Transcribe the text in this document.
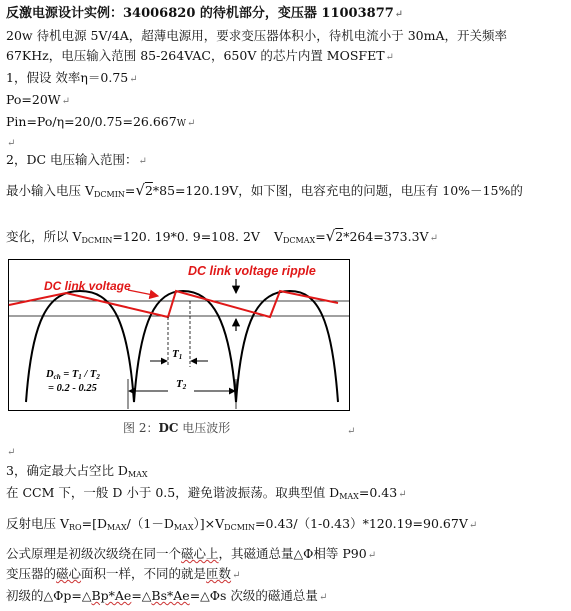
反激电源设计实例：34006820 的待机部分，变压器 11003877↵
20w 待机电源 5V/4A，超薄电源用，要求变压器体积小，待机电流小于 30mA，开关频率
67KHz，电压输入范围 85-264VAC，650V 的芯片内置 MOSFET↵
1，假设 效率η＝0.75↵
Po=20W↵
Pin=Po/η=20/0.75=26.667W↵
↵
2，DC 电压输入范围：↵
最小输入电压 $V_{DCMIN}=√2*85=120.19V$，如下图，电容充电的问题，电压有 10%－15%的
变化，所以 $V_{DCMIN}=120$. 19*0. 9=108. 2V $V_{DCMAX}=√2*264=373.3V↵$
DC link voltage ripple
DC link voltage
T1
T2
Dch = T1 / T2
= 0.2 - 0.25
图 2：DC 电压波形	↵
↵
3，确定最大占空比 $D_{MAX}$
在 CCM 下，一般 D 小于 0.5，避免谐波振荡。取典型值 $D_{MAX}=0.43↵$
反射电压 $V_{RO}=[D_{MAX}/(1-D_{MAX})]\times V_{DCMIN}=0.43/(1-0.43)*120.19=90.67V↵$
公式原理是初级次级绕在同一个磁心上，其磁通总量△Φ相等 P90↵
变压器的磁心面积一样，不同的就是匝数↵
初级的△Φp=△Bp*Ae=△Bs*Ae=△Φs 次级的磁通总量↵
